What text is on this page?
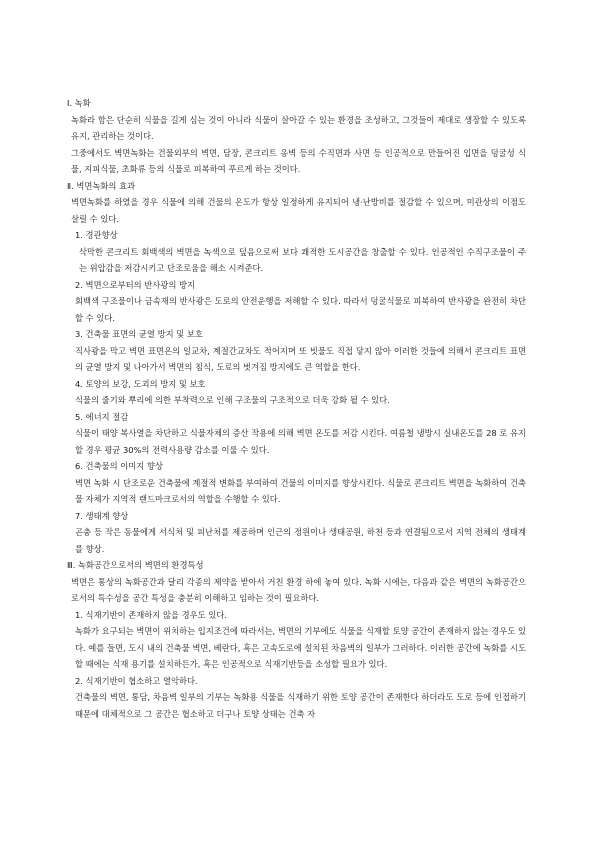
Ⅰ. 녹화
녹화라 함은 단순히 식물을 길게 심는 것이 아니라 식물이 살아갈 수 있는 환경을 조성하고, 그것들이 제대로 생장할 수 있도록 유지, 관리하는 것이다.
그중에서도 벽면녹화는 건물외부의 벽면, 담장, 콘크리트 옹벽 등의 수직면과 사면 등 인공적으로 만들어진 입면을 덩굴성 식물, 지피식물, 초화류 등의 식물로 피복하여 푸르게 하는 것이다.
Ⅱ. 벽면녹화의 효과
벽면녹화를 하였을 경우 식물에 의해 건물의 온도가 항상 일정하게 유지되어 냉·난방비를 절감할 수 있으며, 미관상의 이점도 살릴 수 있다.
1. 경관향상
삭막한 콘크리트 회백색의 벽면을 녹색으로 덮음으로써 보다 쾌적한 도시공간을 창출할 수 있다. 인공적인 수직구조물이 주는 위압감을 저감시키고 단조로움을 해소 시켜준다.
2. 벽면으로부터의 반사광의 방지
회백색 구조물이나 금속재의 반사광은 도로의 안전운행을 저해할 수 있다. 따라서 덩굴식물로 피복하여 반사광을 완전히 차단할 수 있다.
3. 건축물 표면의 균열 방지 및 보호
직사광을 막고 벽면 표면온의 일교차, 계절간교차도 적어지며 또 빗물도 직접 닿지 않아 이러한 것들에 의해서 콘크리트 표면 의 균열 방지 및 나아가서 벽면의 침식, 도료의 벗겨짐 방지에도 큰 역할을 한다.
4. 토양의 보강, 도괴의 방지 및 보호
식물의 줄기와 뿌리에 의한 부착력으로 인해 구조물의 구조적으로 더욱 강화 될 수 있다.
5. 에너지 절감
식물이 태양 복사열을 차단하고 식물자체의 증산 작용에 의해 벽면 온도를 저감 시킨다. 여름철 냉방시 실내온도를 28 로 유지할 경우 평균 30%의 전력사용량 감소를 이룰 수 있다.
6. 건축물의 이미지 향상
벽면 녹화 시 단조로운 건축물에 계절적 변화를 부여하여 건물의 이미지를 향상시킨다. 식물로 콘크리트 벽면을 녹화하여 건축물 자체가 지역적 랜드마크로서의 역할을 수행할 수 있다.
7. 생태계 향상
곤충 등 작은 동물에게 서식처 및 피난처를 제공하며 인근의 정원이나 생태공원, 하천 등과 연결됨으로서 지역 전체의 생태계를 향상.
Ⅲ. 녹화공간으로서의 벽면의 환경특성
벽면은 통상의 녹화공간과 달리 각종의 제약을 받아서 거친 환경 하에 놓여 있다. 녹화 시에는, 다음과 같은 벽면의 녹화공간으로서의 특수성을 공간 특성을 충분히 이해하고 임하는 것이 필요하다.
1. 식재기반이 존재하지 않을 경우도 있다.
녹화가 요구되는 벽면이 위치하는 입지조건에 따라서는, 벽면의 기부에도 식물을 식재할 토양 공간이 존재하지 않는 경우도 있다. 예를 들면, 도시 내의 건축물 벽면, 베란다, 혹은 고속도로에 설치된 차음벽의 일부가 그러하다. 이러한 공간에 녹화를 시도할 때에는 식재 용기를 설치하든가, 혹은 인공적으로 식재기반등을 소성할 필요가 있다.
2. 식재기반이 협소하고 열악하다.
건축물의 벽면, 통담, 차음벽 일부의 기부는 녹화용 식물을 식재하기 위한 토양 공간이 존재한다 하더라도 도로 등에 인접하기 때문에 대체적으로 그 공간은 협소하고 더구나 토양 상태는 건축 자
